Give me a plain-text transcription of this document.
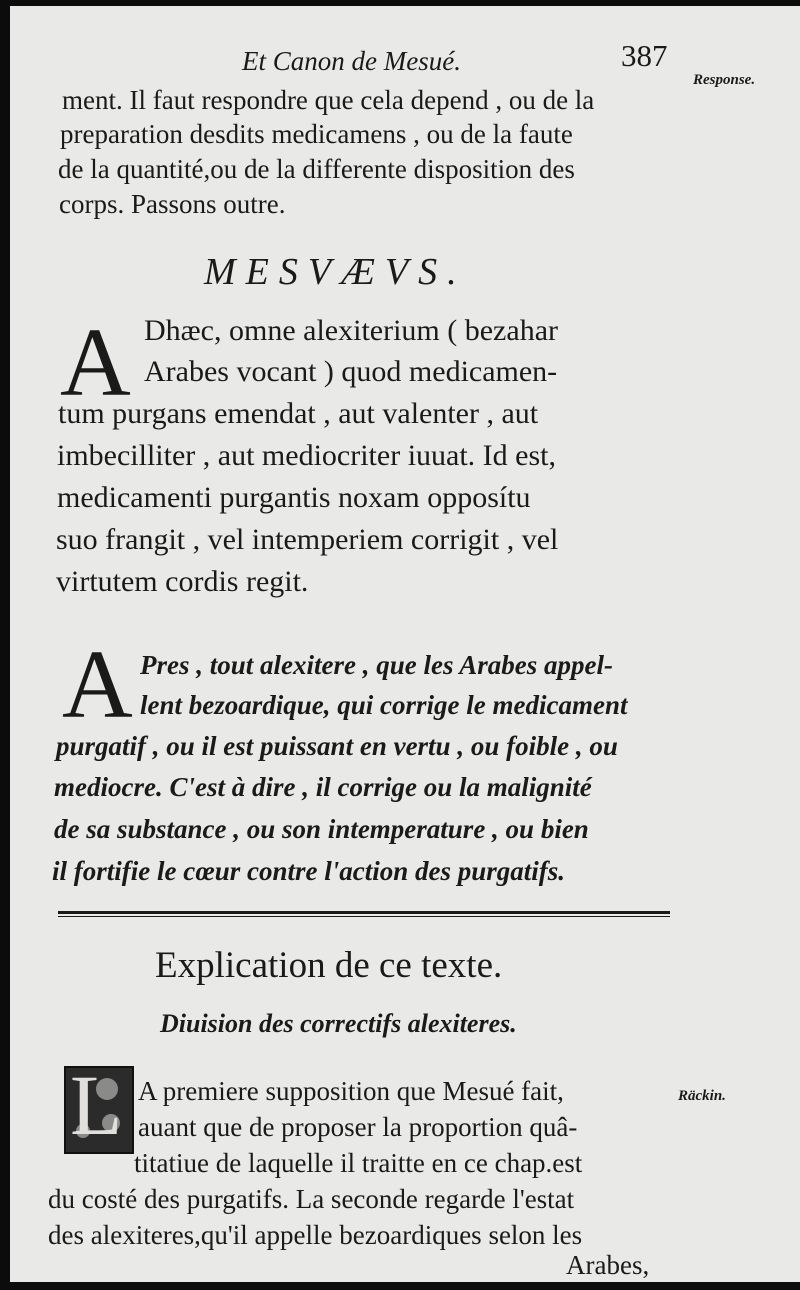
Et Canon de Mesué.	387
Response.
ment. Il faut respondre que cela depend , ou de la
preparation desdits medicamens , ou de la faute
de la quantité,ou de la differente disposition des
corps. Passons outre.
MESVÆVS.
A Dhæc, omne alexiterium ( bezahar
Arabes vocant ) quod medicamen-
tum purgans emendat , aut valenter , aut
imbecilliter , aut mediocriter iuuat. Id est,
medicamenti purgantis noxam opposítu
suo frangit , vel intemperiem corrigit , vel
virtutem cordis regit.
A Pres , tout alexitere , que les Arabes appel-
lent bezoardique, qui corrige le medicament
purgatif , ou il est puissant en vertu , ou foible , ou
mediocre. C'est à dire , il corrige ou la malignité
de sa substance , ou son intemperature , ou bien
il fortifie le cœur contre l'action des purgatifs.
Explication de ce texte.
Diuision des correctifs alexiteres.
L	Räckin.
A premiere supposition que Mesué fait,
auant que de proposer la proportion quâ-
titatiue de laquelle il traitte en ce chap.est
du costé des purgatifs. La seconde regarde l'estat
des alexiteres,qu'il appelle bezoardiques selon les
Arabes,
